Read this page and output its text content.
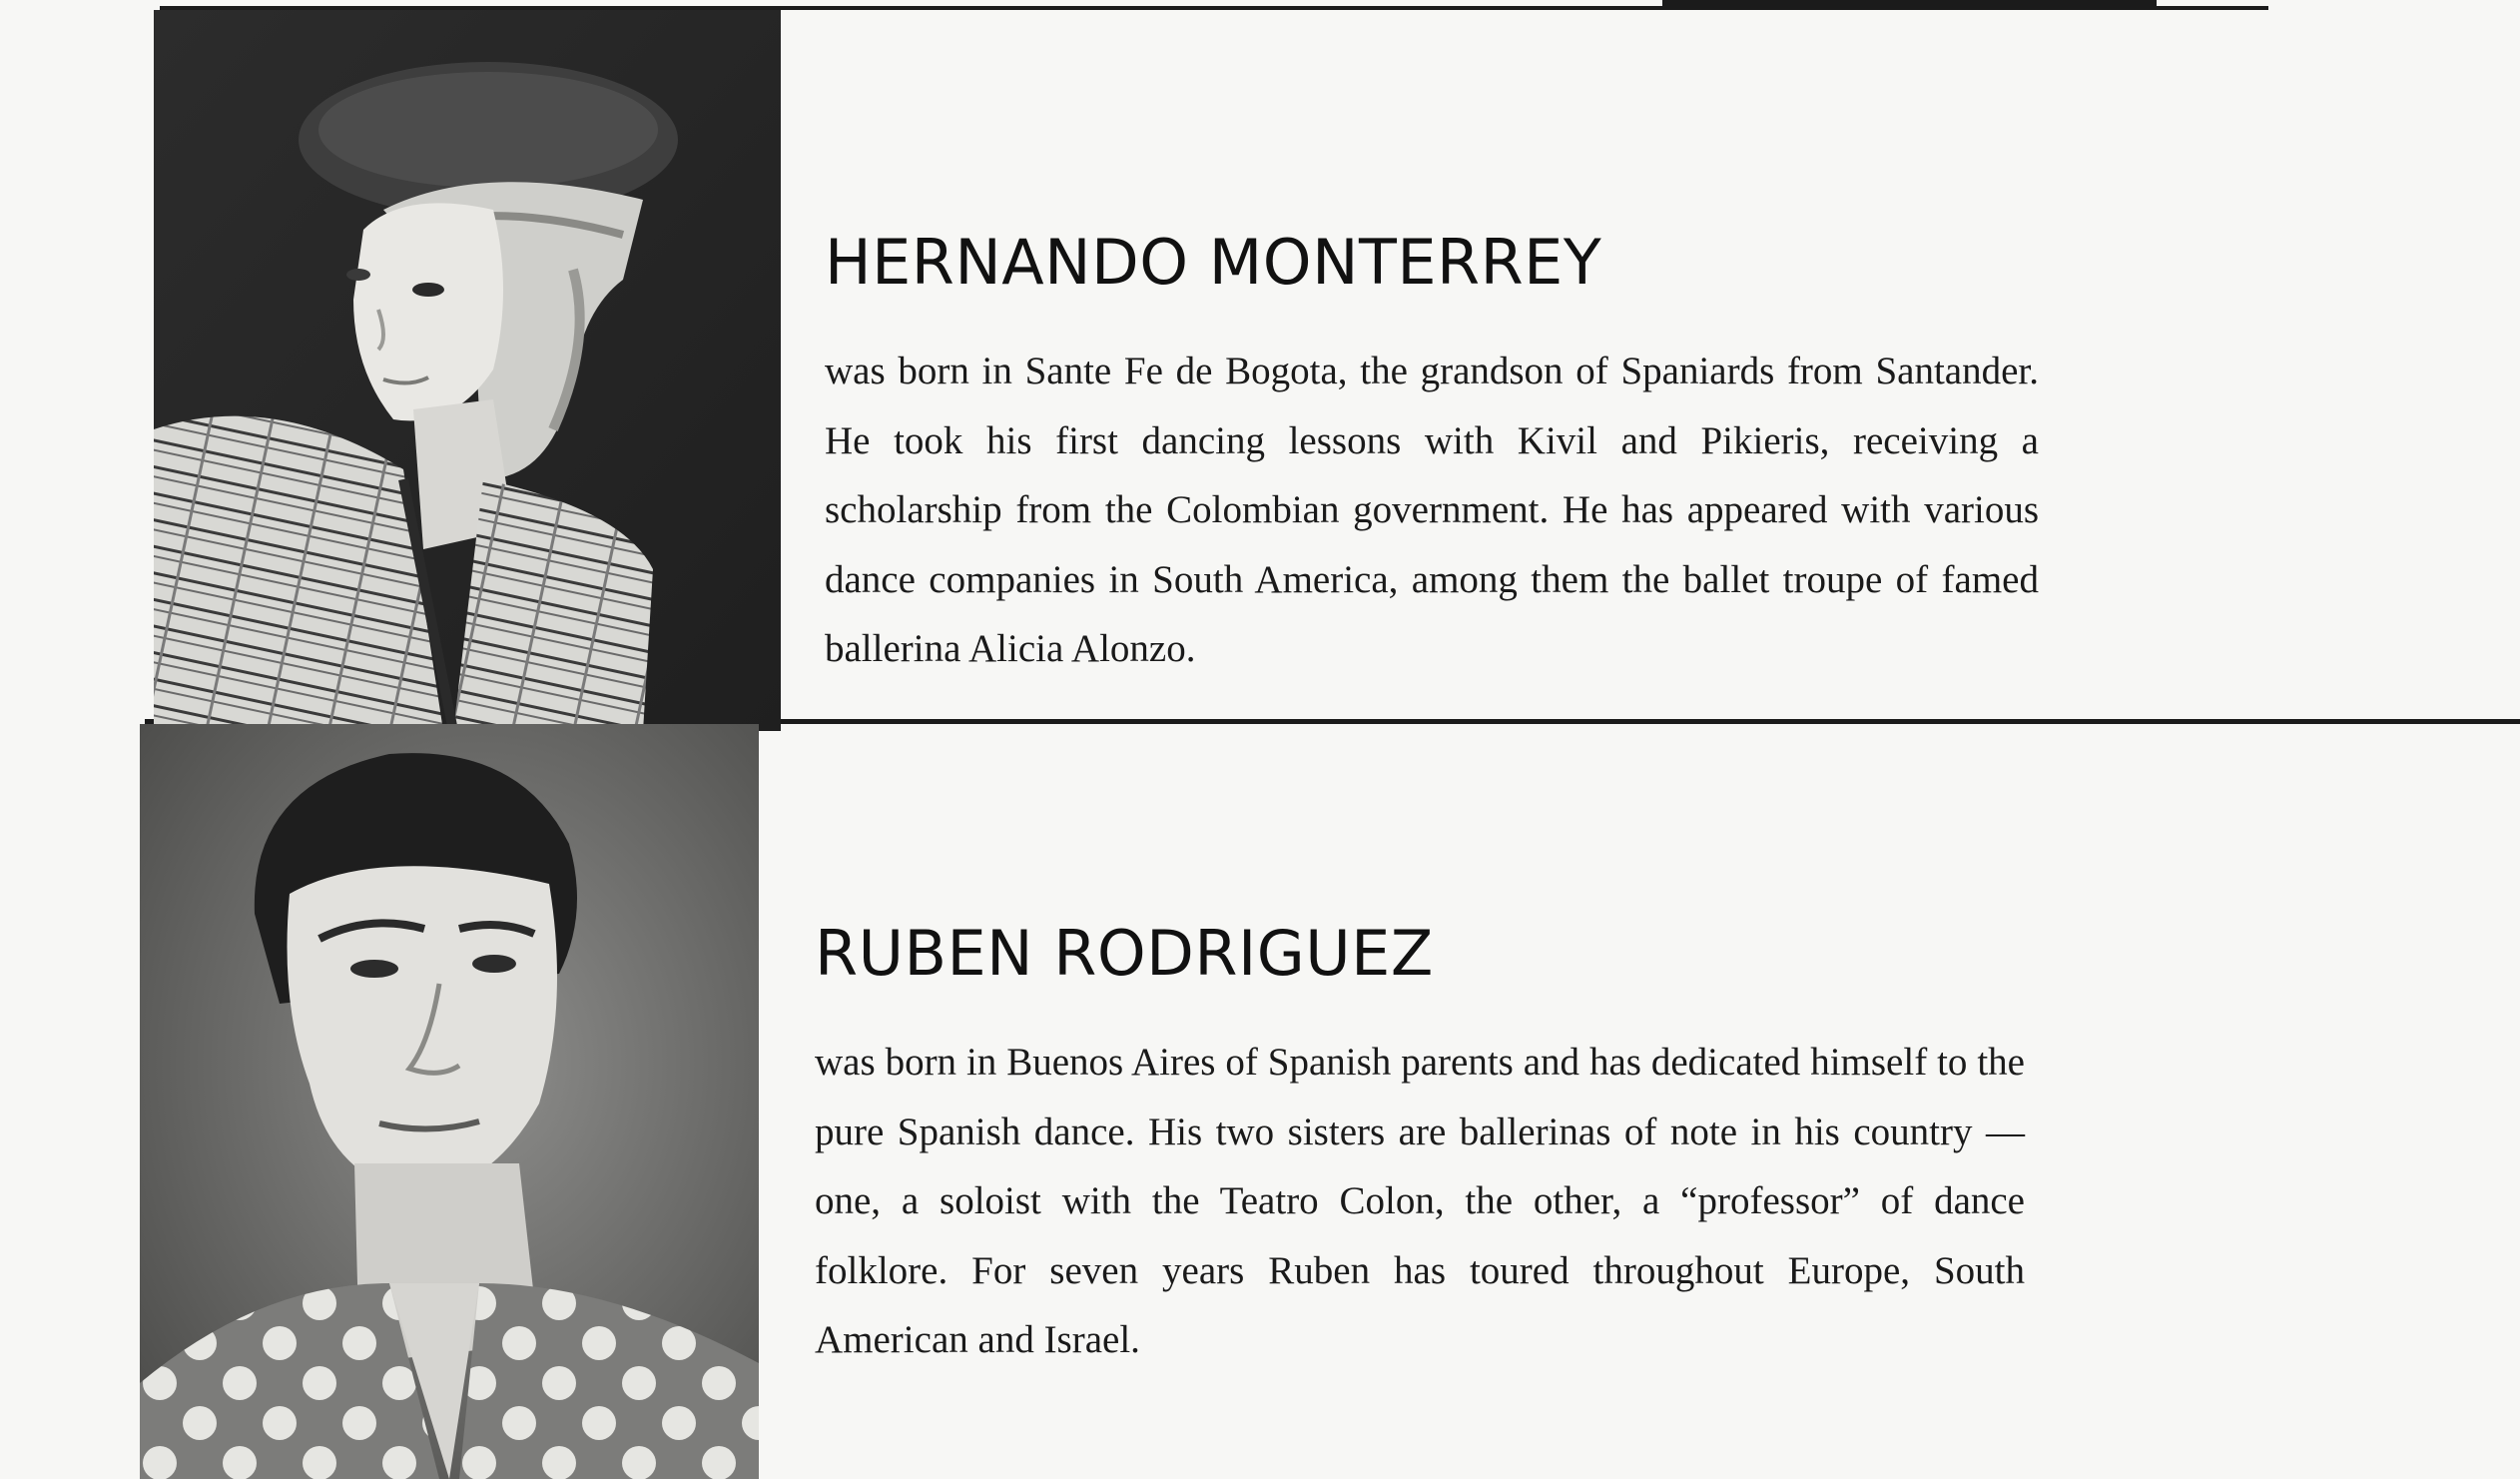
HERNANDO MONTERREY

was born in Sante Fe de Bogota, the grandson of Spaniards from Santander. He took his first dancing lessons with Kivil and Pikieris, receiving a scholarship from the Colombian government. He has appeared with various dance companies in South America, among them the ballet troupe of famed ballerina Alicia Alonzo.

RUBEN RODRIGUEZ

was born in Buenos Aires of Spanish parents and has dedicated himself to the pure Spanish dance. His two sisters are ballerinas of note in his country — one, a soloist with the Teatro Colon, the other, a “professor” of dance folklore. For seven years Ruben has toured throughout Europe, South American and Israel.
